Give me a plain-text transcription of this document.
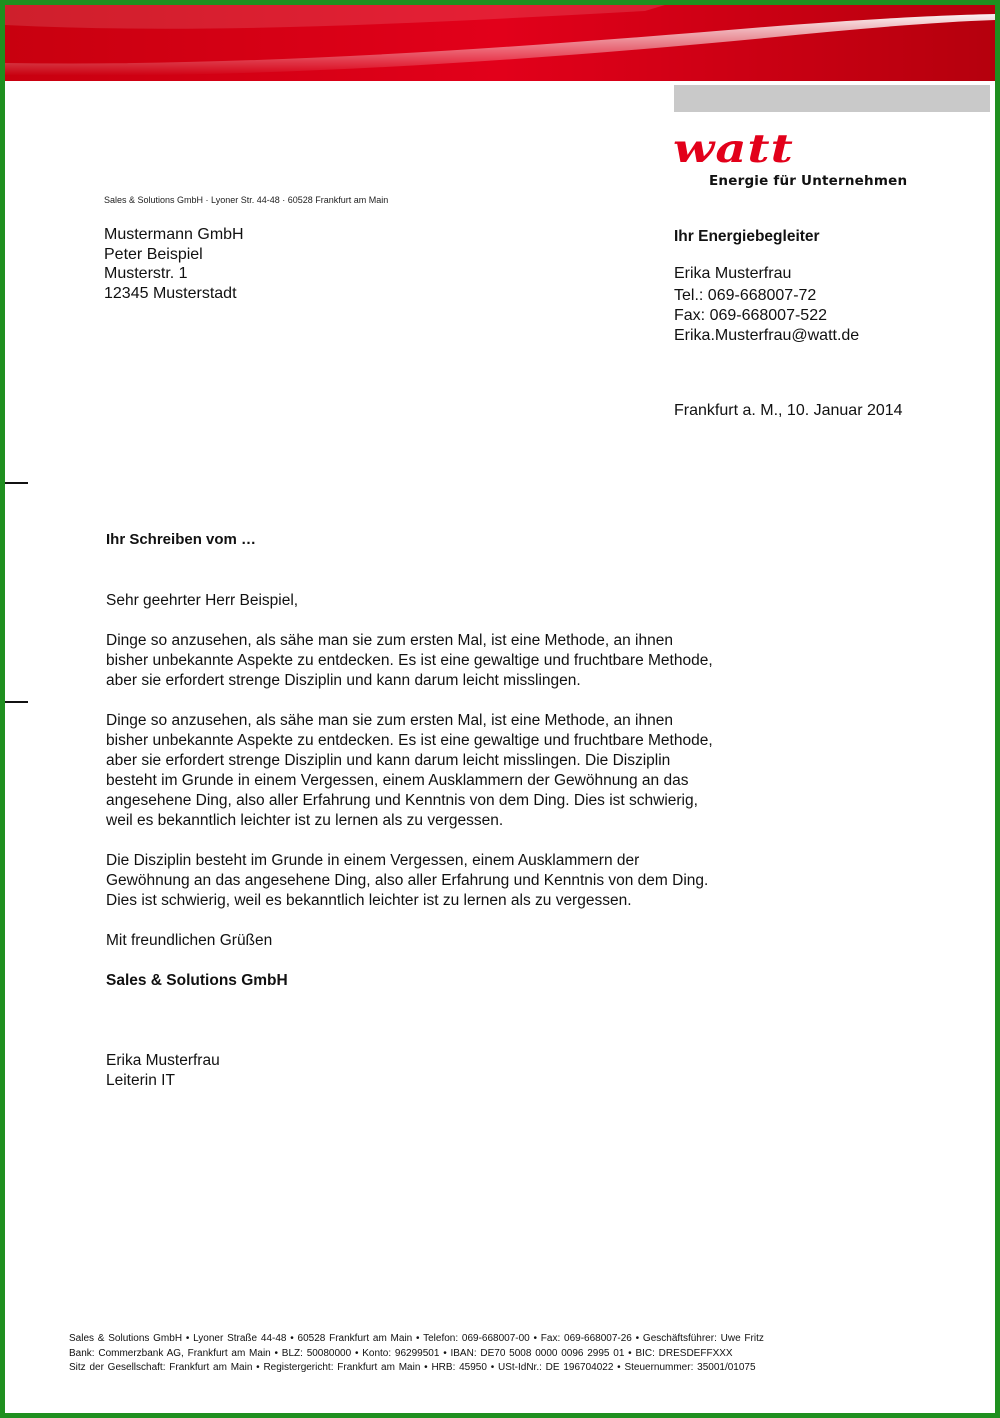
watt
Energie für Unternehmen
Sales & Solutions GmbH · Lyoner Str. 44-48 · 60528 Frankfurt am Main
Mustermann GmbH
Peter Beispiel
Musterstr. 1
12345 Musterstadt
Ihr Energiebegleiter
Erika Musterfrau
Tel.: 069-668007-72
Fax: 069-668007-522
Erika.Musterfrau@watt.de
Frankfurt a. M., 10. Januar 2014
Ihr Schreiben vom …

Sehr geehrter Herr Beispiel,

Dinge so anzusehen, als sähe man sie zum ersten Mal, ist eine Methode, an ihnen
bisher unbekannte Aspekte zu entdecken. Es ist eine gewaltige und fruchtbare Methode,
aber sie erfordert strenge Disziplin und kann darum leicht misslingen.

Dinge so anzusehen, als sähe man sie zum ersten Mal, ist eine Methode, an ihnen
bisher unbekannte Aspekte zu entdecken. Es ist eine gewaltige und fruchtbare Methode,
aber sie erfordert strenge Disziplin und kann darum leicht misslingen. Die Disziplin
besteht im Grunde in einem Vergessen, einem Ausklammern der Gewöhnung an das
angesehene Ding, also aller Erfahrung und Kenntnis von dem Ding. Dies ist schwierig,
weil es bekanntlich leichter ist zu lernen als zu vergessen.

Die Disziplin besteht im Grunde in einem Vergessen, einem Ausklammern der
Gewöhnung an das angesehene Ding, also aller Erfahrung und Kenntnis von dem Ding.
Dies ist schwierig, weil es bekanntlich leichter ist zu lernen als zu vergessen.

Mit freundlichen Grüßen
Sales & Solutions GmbH
Erika Musterfrau
Leiterin IT
Sales & Solutions GmbH • Lyoner Straße 44-48 • 60528 Frankfurt am Main • Telefon: 069-668007-00 • Fax: 069-668007-26 • Geschäftsführer: Uwe Fritz
Bank: Commerzbank AG, Frankfurt am Main • BLZ: 50080000 • Konto: 96299501 • IBAN: DE70 5008 0000 0096 2995 01 • BIC: DRESDEFFXXX
Sitz der Gesellschaft: Frankfurt am Main • Registergericht: Frankfurt am Main • HRB: 45950 • USt-IdNr.: DE 196704022 • Steuernummer: 35001/01075
